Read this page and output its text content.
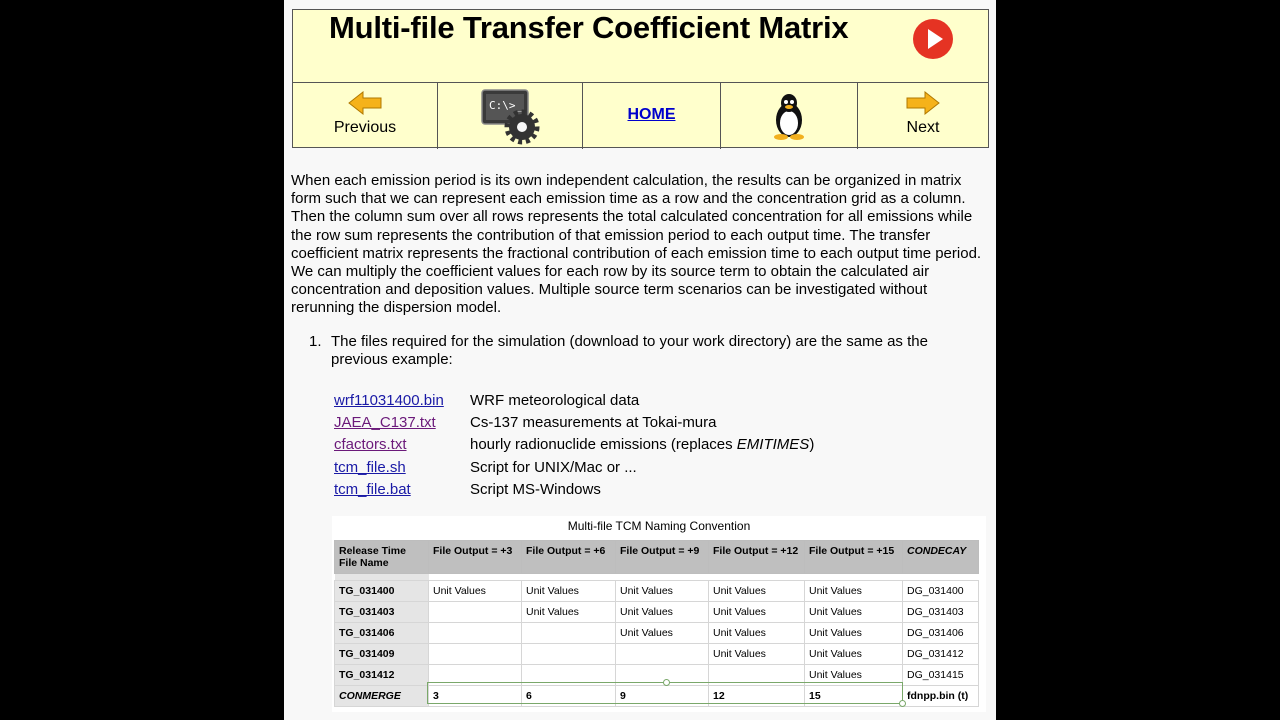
Multi-file Transfer Coefficient Matrix
Previous
C:\>_
HOME
Next

When each emission period is its own independent calculation, the results can be organized in matrix form such that we can represent each emission time as a row and the concentration grid as a column. Then the column sum over all rows represents the total calculated concentration for all emissions while the row sum represents the contribution of that emission period to each output time. The transfer coefficient matrix represents the fractional contribution of each emission time to each output time period. We can multiply the coefficient values for each row by its source term to obtain the calculated air concentration and deposition values. Multiple source term scenarios can be investigated without rerunning the dispersion model.

1. The files required for the simulation (download to your work directory) are the same as the previous example:
wrf11031400.bin	WRF meteorological data
JAEA_C137.txt	Cs-137 measurements at Tokai-mura
cfactors.txt	hourly radionuclide emissions (replaces EMITIMES)
tcm_file.sh	Script for UNIX/Mac or ...
tcm_file.bat	Script MS-Windows
Multi-file TCM Naming Convention
Release Time
File Name	File Output = +3	File Output = +6	File Output = +9	File Output = +12	File Output = +15	CONDECAY

TG_031400	Unit Values	Unit Values	Unit Values	Unit Values	Unit Values	DG_031400
TG_031403		Unit Values	Unit Values	Unit Values	Unit Values	DG_031403
TG_031406			Unit Values	Unit Values	Unit Values	DG_031406
TG_031409				Unit Values	Unit Values	DG_031412
TG_031412					Unit Values	DG_031415
CONMERGE	3	6	9	12	15	fdnpp.bin (t)
